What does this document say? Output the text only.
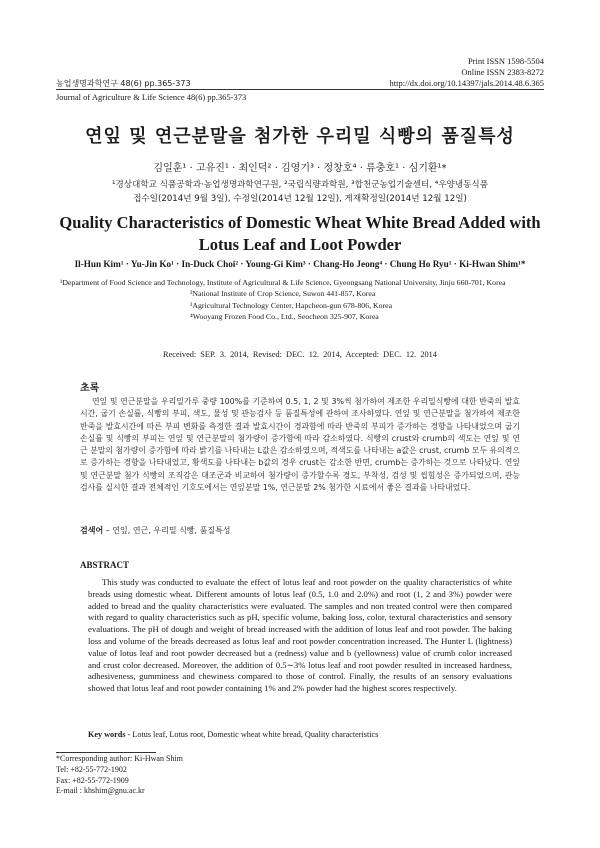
Print ISSN 1598-5504
Online ISSN 2383-8272
농업생명과학연구 48(6) pp.365-373	http://dx.doi.org/10.14397/jals.2014.48.6.365
Journal of Agriculture & Life Science 48(6) pp.365-373
연잎 및 연근분말을 첨가한 우리밀 식빵의 품질특성
김일훈¹ · 고유진¹ · 최인덕² · 김영기³ · 정창호⁴ · 류충호¹ · 심기환¹*
¹경상대학교 식품공학과·농업생명과학연구원, ²국립식량과학원, ³합천군농업기술센터, ⁴우양냉동식품
접수일(2014년 9월 3일), 수정일(2014년 12월 12일), 게재확정일(2014년 12월 12일)
Quality Characteristics of Domestic Wheat White Bread Added with
Lotus Leaf and Loot Powder
Il-Hun Kim¹ · Yu-Jin Ko¹ · In-Duck Choi² · Young-Gi Kim³ · Chang-Ho Jeong⁴ · Chung Ho Ryu¹ · Ki-Hwan Shim¹*
¹Department of Food Science and Technology, Institute of Agricultural & Life Science, Gyeongsang National University, Jinju 660-701, Korea
²National Institute of Crop Science, Suwon 441-857, Korea
³Agricultural Technology Center, Hapcheon-gun 678-806, Korea
⁴Wooyang Frozen Food Co., Ltd., Seocheon 325-907, Korea
Received: SEP. 3. 2014, Revised: DEC. 12. 2014, Accepted: DEC. 12. 2014
초록
연잎 및 연근분말을 우리밀가루 중량 100%를 기준하여 0.5, 1, 2 및 3%씩 첨가하여 제조한 우리밀식빵에 대한 반죽의 발효시간, 굽기 손실률, 식빵의 부피, 색도, 물성 및 관능검사 등 품질특성에 관하여 조사하였다. 연잎 및 연근분말을 첨가하여 제조한 반죽을 발효시간에 따른 부피 변화를 측정한 결과 발효시간이 경과함에 따라 반죽의 부피가 증가하는 경향을 나타내었으며 굽기 손실률 및 식빵의 부피는 연잎 및 연근분말의 첨가량이 증가함에 따라 감소하였다. 식빵의 crust와 crumb의 색도는 연잎 및 연근 분말의 첨가량이 증가함에 따라 밝기를 나타내는 L값은 감소하였으며, 적색도를 나타내는 a값은 crust, crumb 모두 유의적으로 증가하는 경향을 나타내었고, 황색도를 나타내는 b값의 경우 crust는 감소한 반면, crumb는 증가하는 것으로 나타났다. 연잎 및 연근분말 첨가 식빵의 조직감은 대조군과 비교하여 첨가량이 증가할수록 경도, 부착성, 검성 및 씹힘성은 증가되었으며, 관능검사를 실시한 결과 전체적인 기호도에서는 연잎분말 1%, 연근분말 2% 첨가한 시료에서 좋은 결과를 나타내었다.
검색어 – 연잎, 연근, 우리밀 식빵, 품질특성
ABSTRACT
This study was conducted to evaluate the effect of lotus leaf and root powder on the quality characteristics of white breads using domestic wheat. Different amounts of lotus leaf (0.5, 1.0 and 2.0%) and root (1, 2 and 3%) powder were added to bread and the quality characteristics were evaluated. The samples and non treated control were then compared with regard to quality characteristics such as pH, specific volume, baking loss, color, textural characteristics and sensory evaluations. The pH of dough and weight of bread increased with the addition of lotus leaf and root powder. The baking loss and volume of the breads decreased as lotus leaf and root powder concentration increased. The Hunter L (lightness) value of lotus leaf and root powder decreased but a (redness) value and b (yellowness) value of crumb color increased and crust color decreased. Moreover, the addition of 0.5∼3% lotus leaf and root powder resulted in increased hardness, adhesiveness, gumminess and chewiness compared to those of control. Finally, the results of an sensory evaluations showed that lotus leaf and root powder containing 1% and 2% powder had the highest scores respectively.
Key words - Lotus leaf, Lotus root, Domestic wheat white bread, Quality characteristics
*Corresponding author: Ki-Hwan Shim
Tel: +82-55-772-1902
Fax: +82-55-772-1909
E-mail : khshim@gnu.ac.kr
